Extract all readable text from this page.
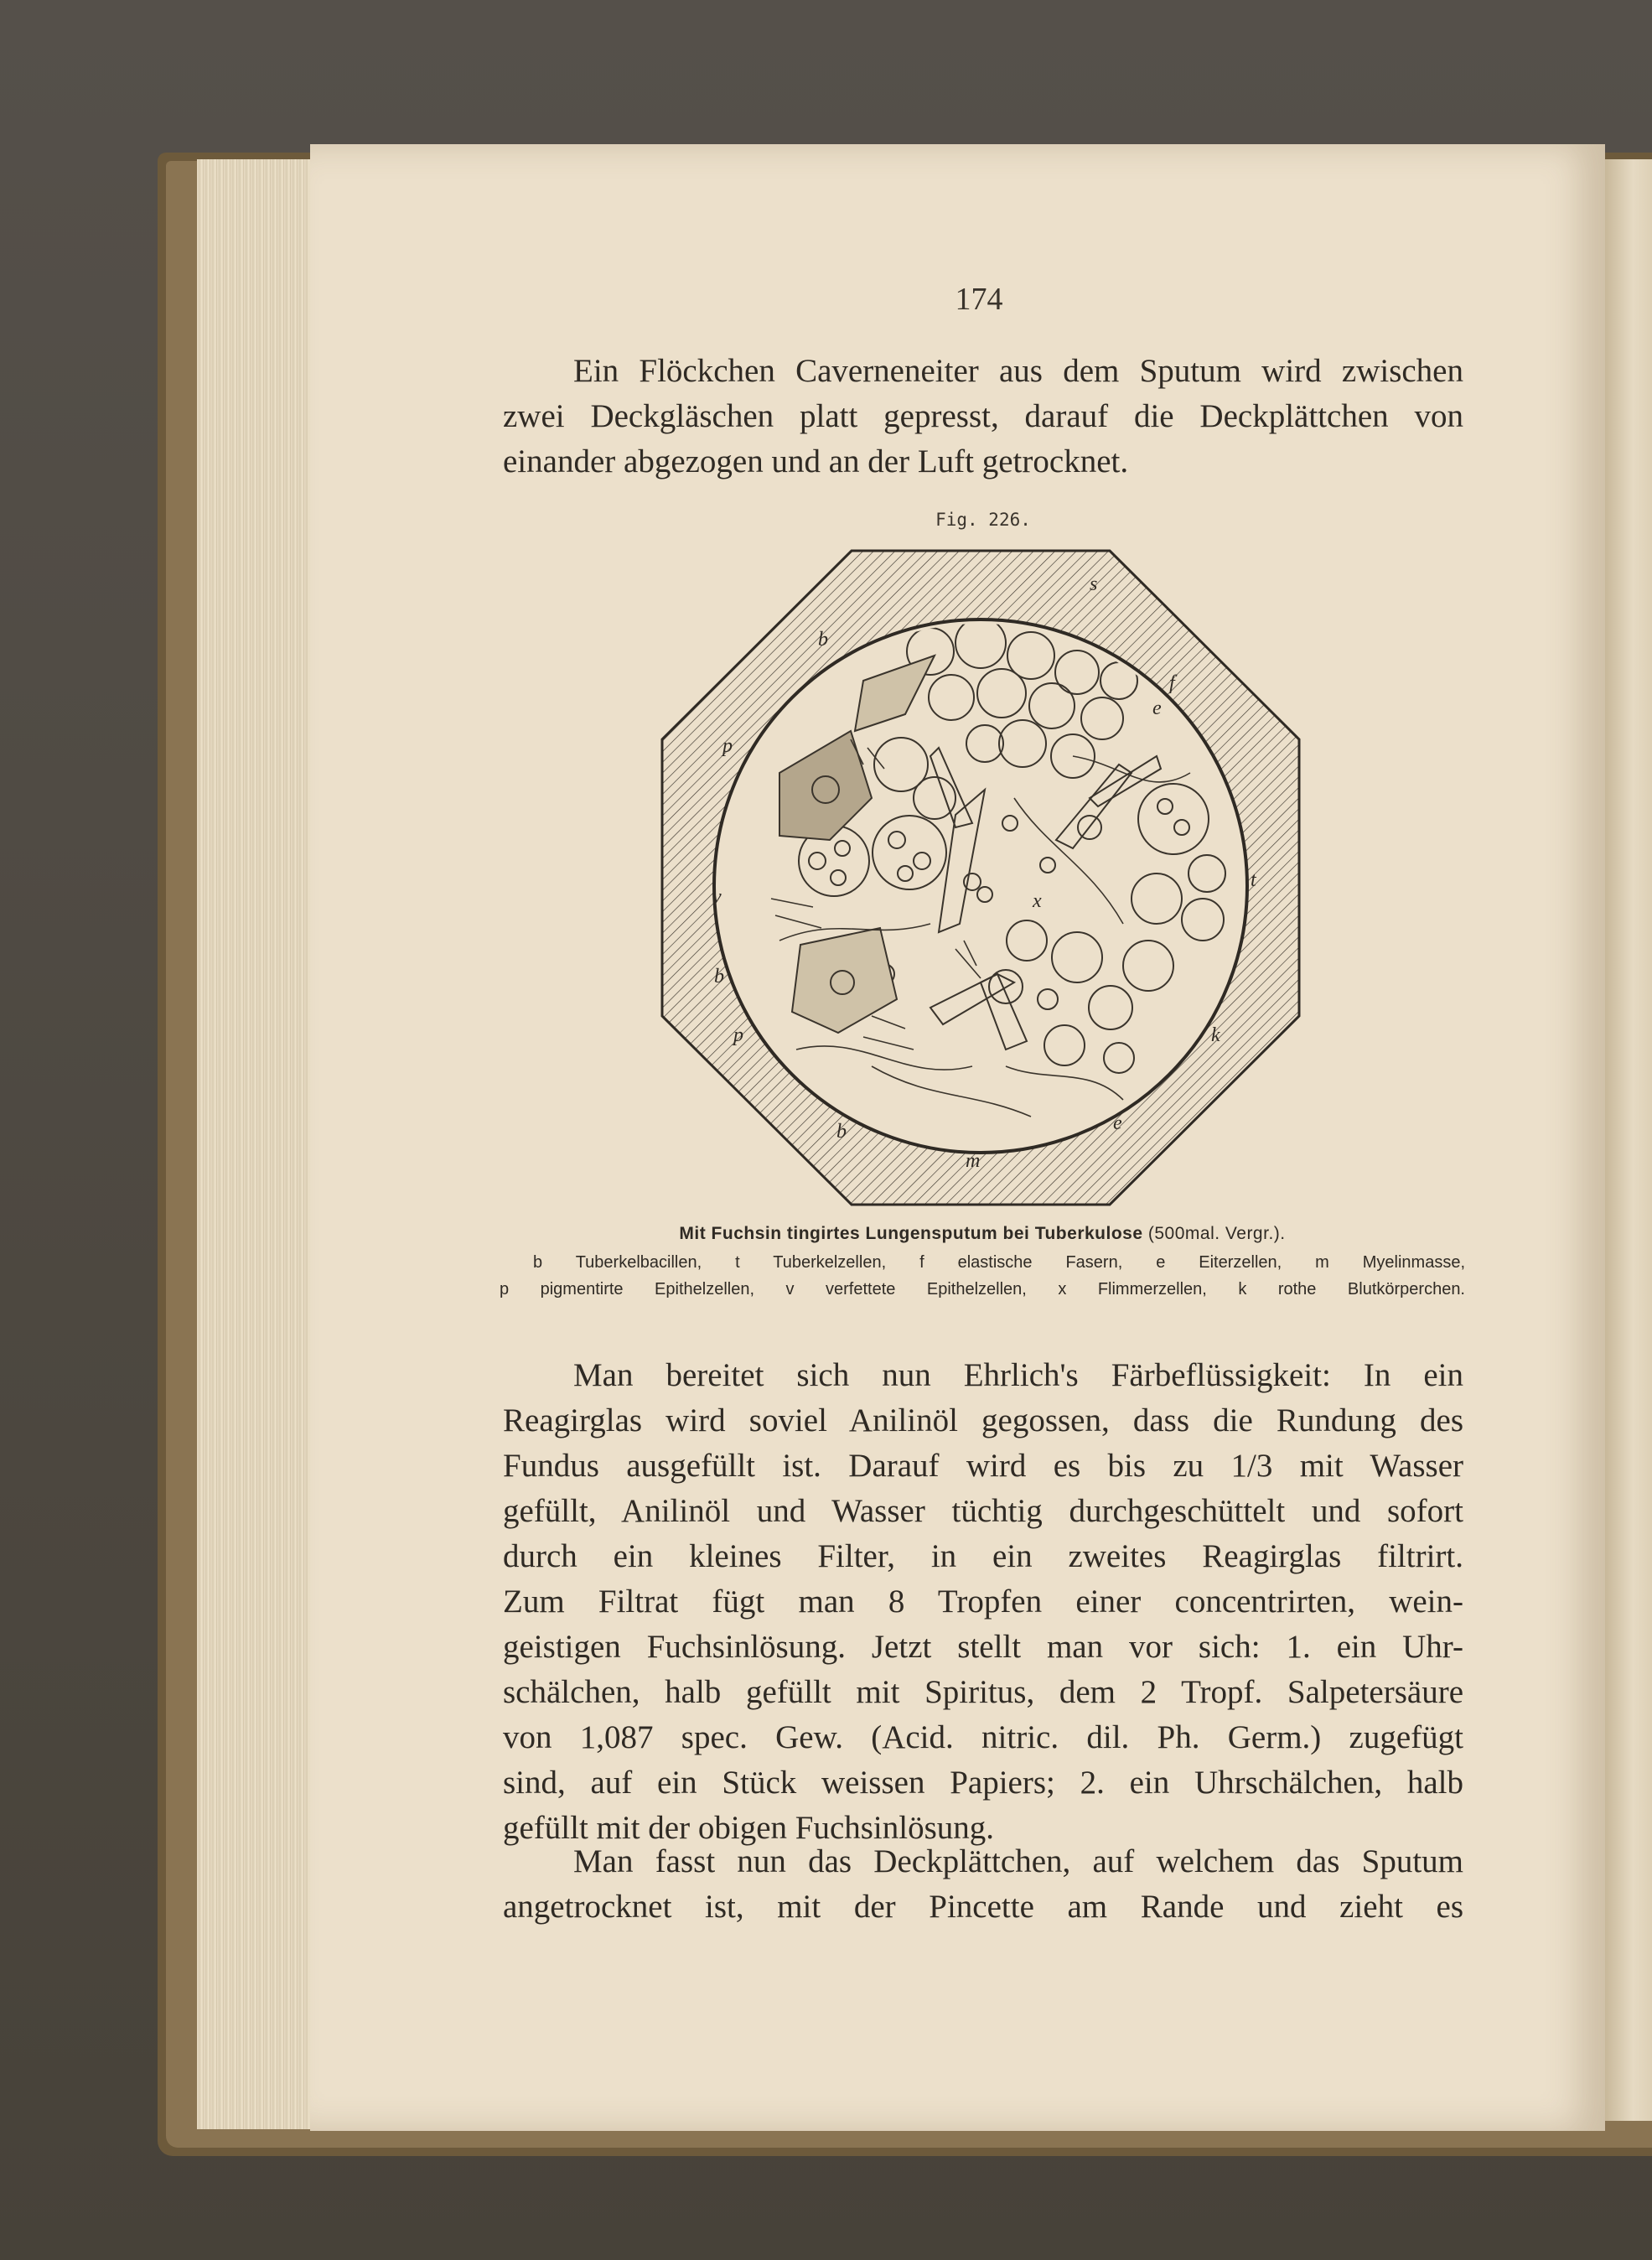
174
Ein Flöckchen Caverneneiter aus dem Sputum wird zwischen
zwei Deckgläschen platt gepresst, darauf die Deckplättchen von
einander abgezogen und an der Luft getrocknet.
Fig. 226.
s
b
f
p
e
x
v
t
b
k
p
e
b
m

Mit Fuchsin tingirtes Lungensputum bei Tuberkulose (500mal. Vergr.).

b Tuberkelbacillen, t Tuberkelzellen, f elastische Fasern, e Eiterzellen, m Myelinmasse,
p pigmentirte Epithelzellen, v verfettete Epithelzellen, x Flimmerzellen, k rothe Blutkörperchen.
Man bereitet sich nun Ehrlich's Färbeflüssigkeit: In ein
Reagirglas wird soviel Anilinöl gegossen, dass die Rundung des
Fundus ausgefüllt ist. Darauf wird es bis zu 1/3 mit Wasser
gefüllt, Anilinöl und Wasser tüchtig durchgeschüttelt und sofort
durch ein kleines Filter, in ein zweites Reagirglas filtrirt.
Zum Filtrat fügt man 8 Tropfen einer concentrirten, wein-
geistigen Fuchsinlösung. Jetzt stellt man vor sich: 1. ein Uhr-
schälchen, halb gefüllt mit Spiritus, dem 2 Tropf. Salpetersäure
von 1,087 spec. Gew. (Acid. nitric. dil. Ph. Germ.) zugefügt
sind, auf ein Stück weissen Papiers; 2. ein Uhrschälchen, halb
gefüllt mit der obigen Fuchsinlösung.
Man fasst nun das Deckplättchen, auf welchem das Sputum
angetrocknet ist, mit der Pincette am Rande und zieht es
